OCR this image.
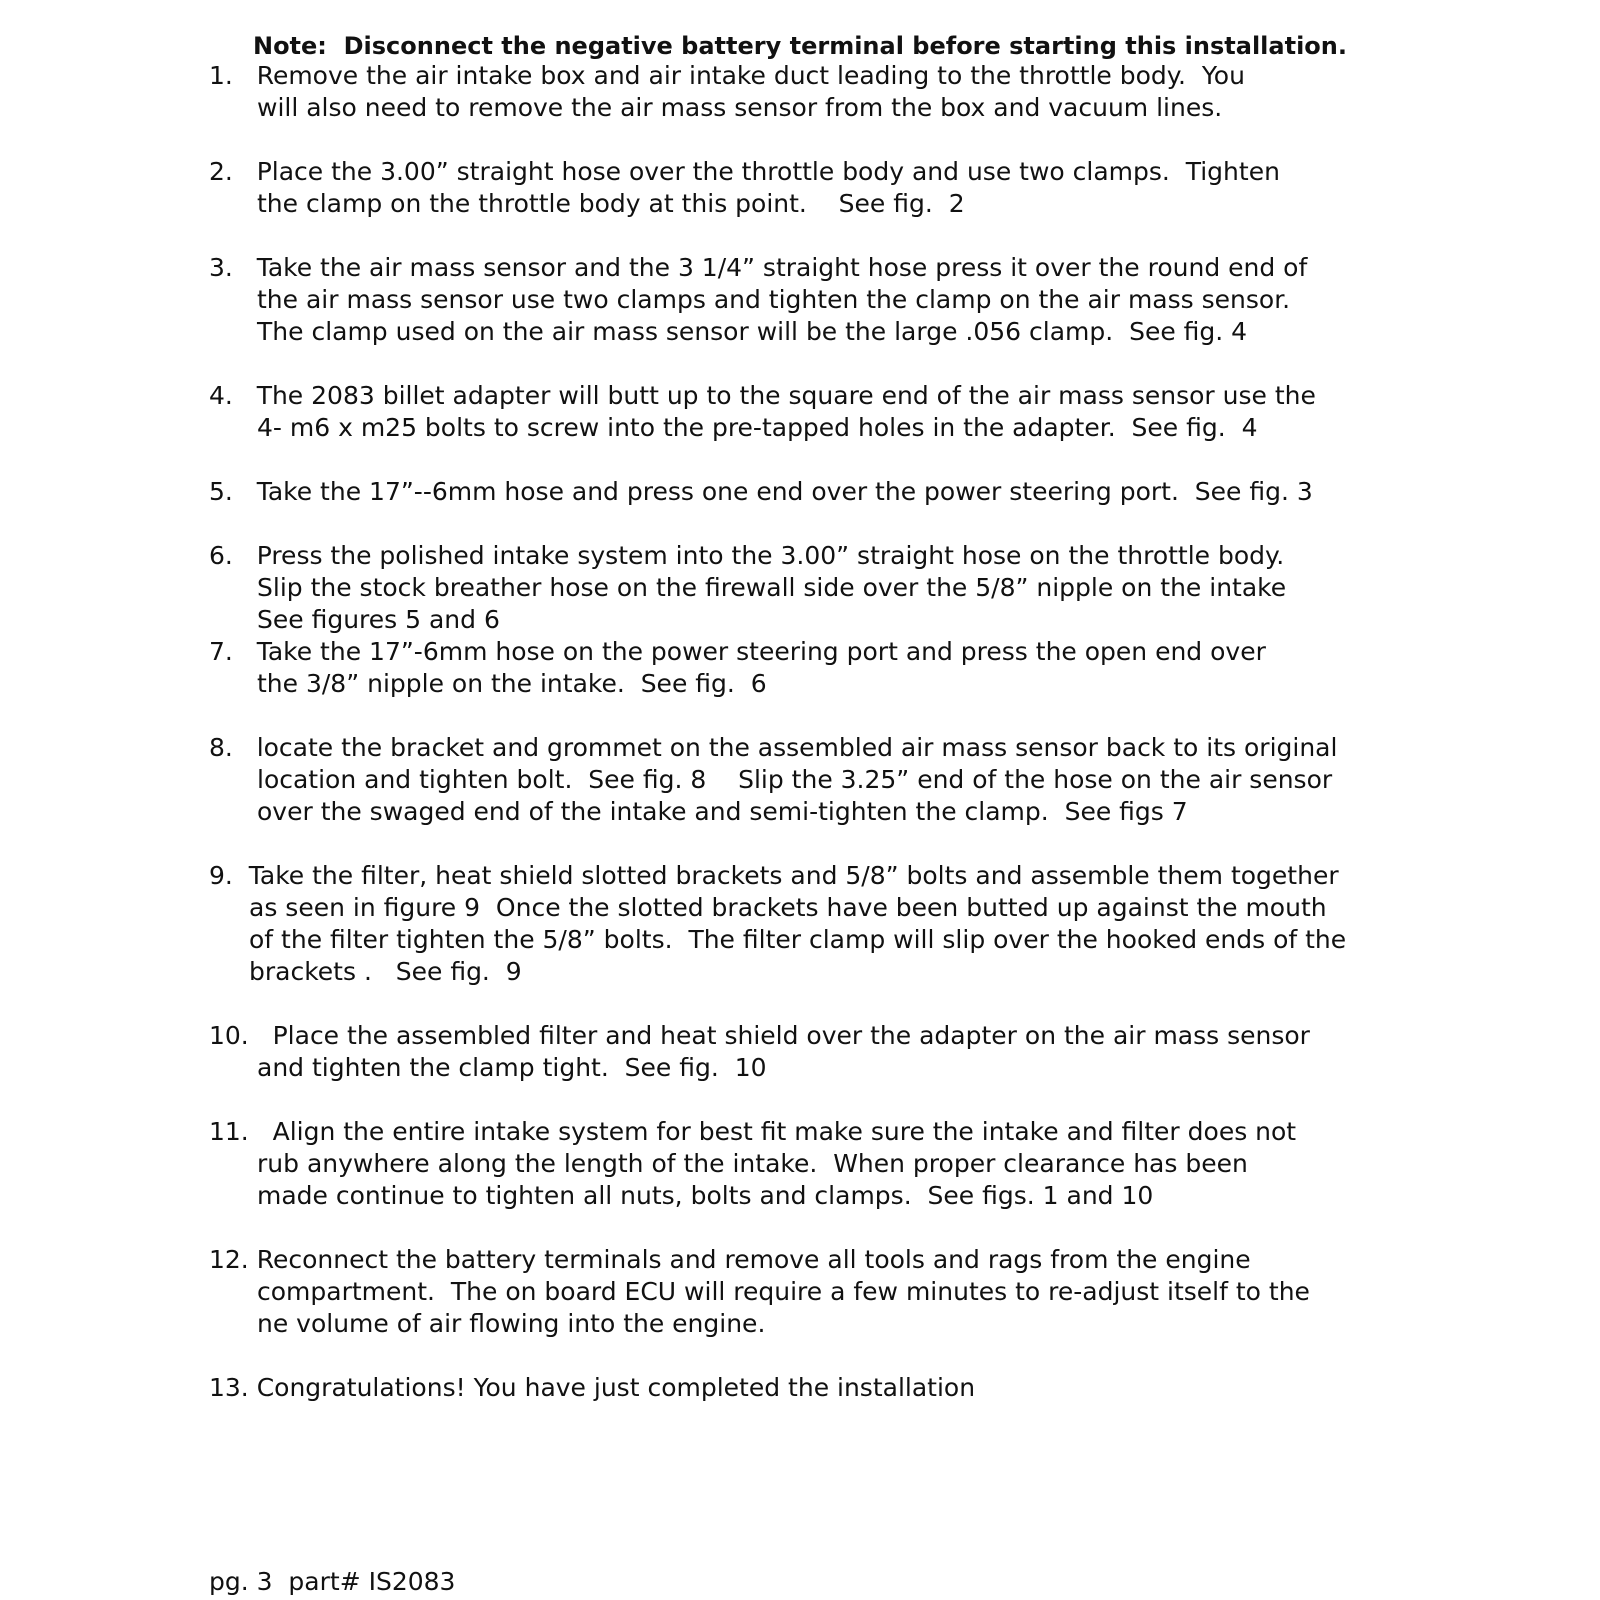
Note:  Disconnect the negative battery terminal before starting this installation.
1.   Remove the air intake box and air intake duct leading to the throttle body.  You
will also need to remove the air mass sensor from the box and vacuum lines.
2.   Place the 3.00” straight hose over the throttle body and use two clamps.  Tighten
the clamp on the throttle body at this point.    See fig.  2
3.   Take the air mass sensor and the 3 1/4” straight hose press it over the round end of
the air mass sensor use two clamps and tighten the clamp on the air mass sensor.
The clamp used on the air mass sensor will be the large .056 clamp.  See fig. 4
4.   The 2083 billet adapter will butt up to the square end of the air mass sensor use the
4- m6 x m25 bolts to screw into the pre-tapped holes in the adapter.  See fig.  4
5.   Take the 17”--6mm hose and press one end over the power steering port.  See fig. 3
6.   Press the polished intake system into the 3.00” straight hose on the throttle body.
Slip the stock breather hose on the firewall side over the 5/8” nipple on the intake
See figures 5 and 6
7.   Take the 17”-6mm hose on the power steering port and press the open end over
the 3/8” nipple on the intake.  See fig.  6
8.   locate the bracket and grommet on the assembled air mass sensor back to its original
location and tighten bolt.  See fig. 8    Slip the 3.25” end of the hose on the air sensor
over the swaged end of the intake and semi-tighten the clamp.  See figs 7
9.  Take the filter, heat shield slotted brackets and 5/8” bolts and assemble them together
as seen in figure 9  Once the slotted brackets have been butted up against the mouth
of the filter tighten the 5/8” bolts.  The filter clamp will slip over the hooked ends of the
brackets .   See fig.  9
10.   Place the assembled filter and heat shield over the adapter on the air mass sensor
and tighten the clamp tight.  See fig.  10
11.   Align the entire intake system for best fit make sure the intake and filter does not
rub anywhere along the length of the intake.  When proper clearance has been
made continue to tighten all nuts, bolts and clamps.  See figs. 1 and 10
12. Reconnect the battery terminals and remove all tools and rags from the engine
compartment.  The on board ECU will require a few minutes to re-adjust itself to the
ne volume of air flowing into the engine.
13. Congratulations! You have just completed the installation
pg. 3  part# IS2083
